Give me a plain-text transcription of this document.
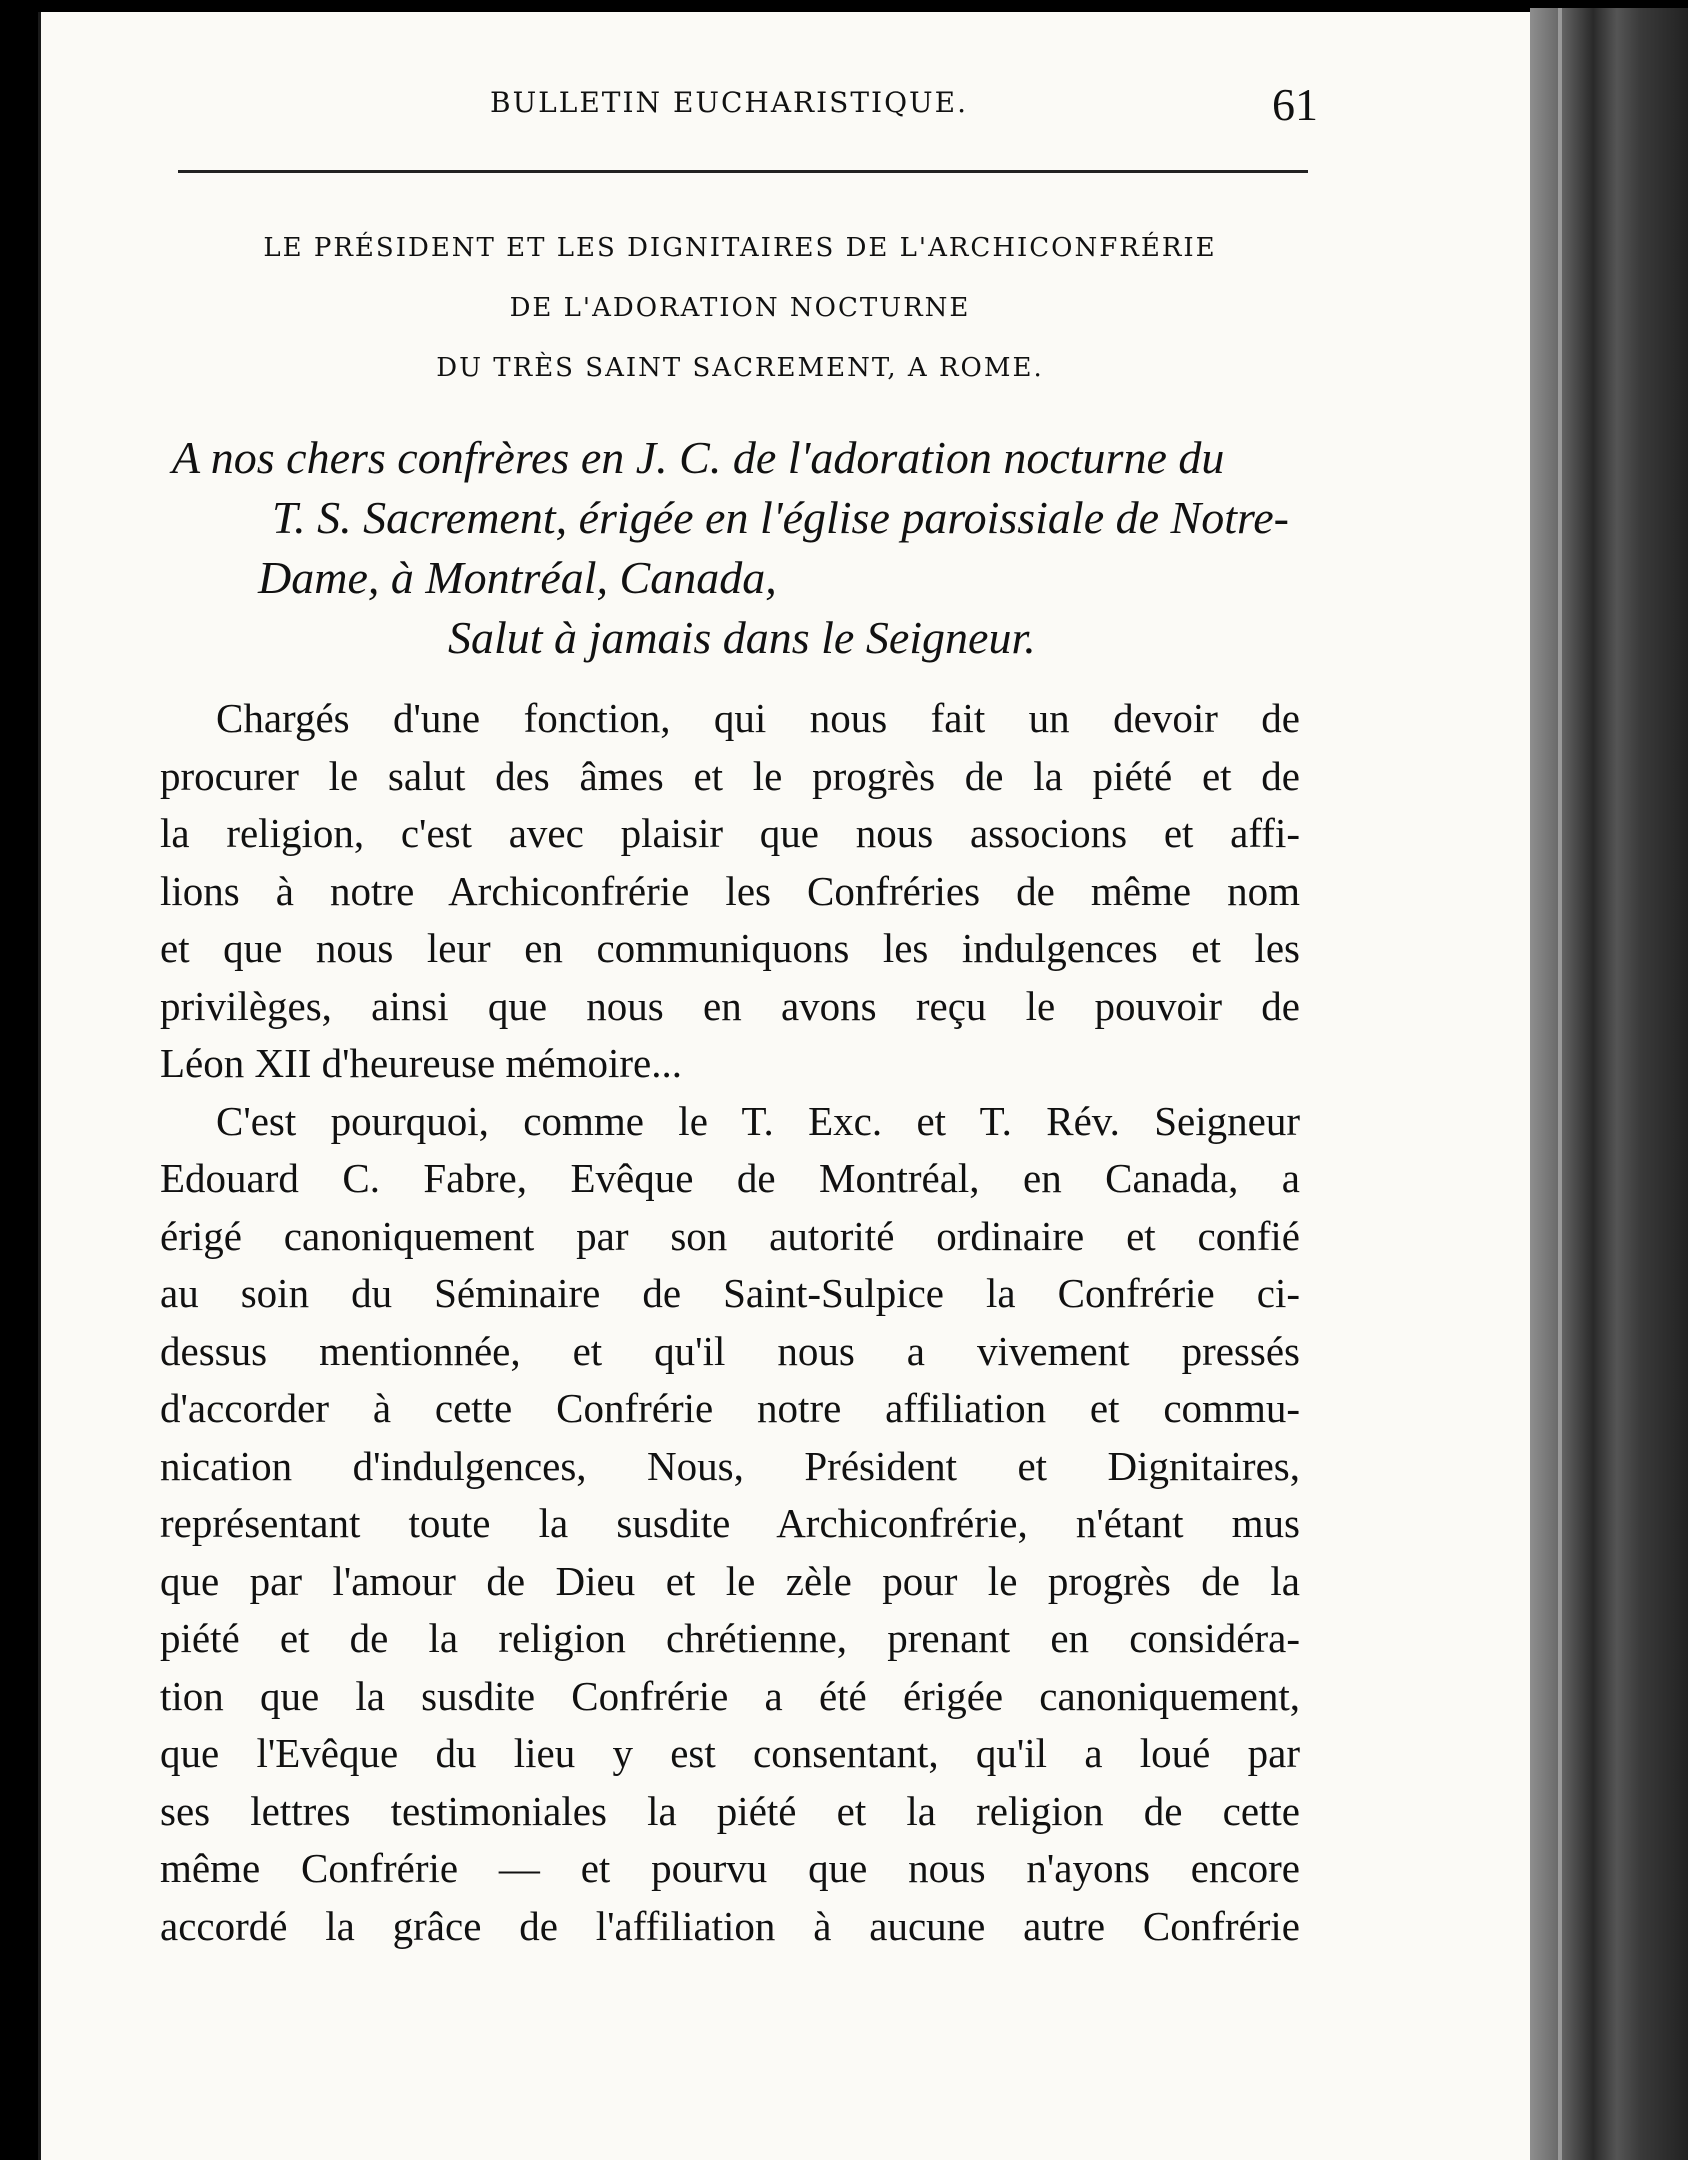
BULLETIN EUCHARISTIQUE.	61
LE PRÉSIDENT ET LES DIGNITAIRES DE L'ARCHICONFRÉRIE
DE L'ADORATION NOCTURNE
DU TRÈS SAINT SACREMENT, A ROME.
A nos chers confrères en J. C. de l'adoration nocturne du
T. S. Sacrement, érigée en l'église paroissiale de Notre-
Dame, à Montréal, Canada,
Salut à jamais dans le Seigneur.
Chargés d'une fonction, qui nous fait un devoir de
procurer le salut des âmes et le progrès de la piété et de
la religion, c'est avec plaisir que nous associons et affi-
lions à notre Archiconfrérie les Confréries de même nom
et que nous leur en communiquons les indulgences et les
privilèges, ainsi que nous en avons reçu le pouvoir de
Léon XII d'heureuse mémoire...
C'est pourquoi, comme le T. Exc. et T. Rév. Seigneur
Edouard C. Fabre, Evêque de Montréal, en Canada, a
érigé canoniquement par son autorité ordinaire et confié
au soin du Séminaire de Saint-Sulpice la Confrérie ci-
dessus mentionnée, et qu'il nous a vivement pressés
d'accorder à cette Confrérie notre affiliation et commu-
nication d'indulgences, Nous, Président et Dignitaires,
représentant toute la susdite Archiconfrérie, n'étant mus
que par l'amour de Dieu et le zèle pour le progrès de la
piété et de la religion chrétienne, prenant en considéra-
tion que la susdite Confrérie a été érigée canoniquement,
que l'Evêque du lieu y est consentant, qu'il a loué par
ses lettres testimoniales la piété et la religion de cette
même Confrérie — et pourvu que nous n'ayons encore
accordé la grâce de l'affiliation à aucune autre Confrérie
